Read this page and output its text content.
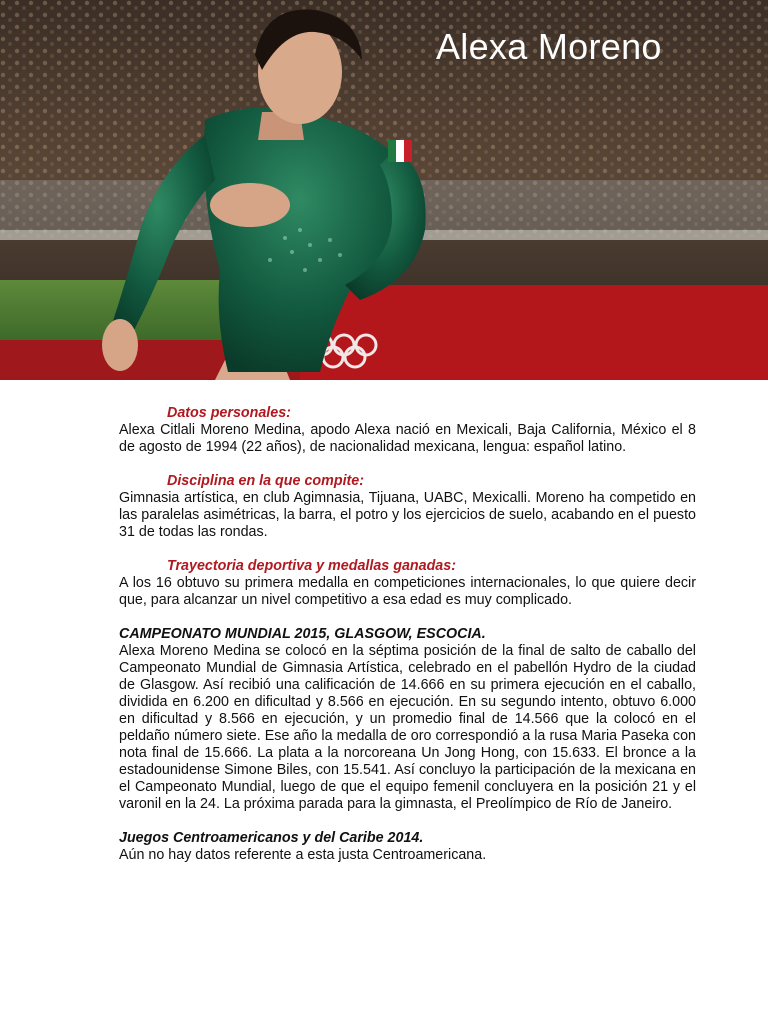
Alexa Moreno

Datos personales:

Alexa Citlali Moreno Medina, apodo Alexa nació en Mexicali, Baja California, México el 8 de agosto de 1994 (22 años), de nacionalidad mexicana, lengua: español latino.

Disciplina en la que compite:

Gimnasia artística, en club Agimnasia, Tijuana, UABC, Mexicalli. Moreno ha competido en las paralelas asimétricas, la barra, el potro y los ejercicios de suelo, acabando en el puesto 31 de todas las rondas.

Trayectoria deportiva y medallas ganadas:

A los 16 obtuvo su primera medalla en competiciones internacionales, lo que quiere decir que, para alcanzar un nivel competitivo a esa edad es muy complicado.

CAMPEONATO MUNDIAL 2015, GLASGOW, ESCOCIA.

Alexa Moreno Medina se colocó en la séptima posición de la final de salto de caballo del Campeonato Mundial de Gimnasia Artística, celebrado en el pabellón Hydro de la ciudad de Glasgow. Así recibió una calificación de 14.666 en su primera ejecución en el caballo, dividida en 6.200 en dificultad y 8.566 en ejecución. En su segundo intento, obtuvo 6.000 en dificultad y 8.566 en ejecución, y un promedio final de 14.566 que la colocó en el peldaño número siete. Ese año la medalla de oro correspondió a la rusa Maria Paseka con nota final de 15.666. La plata a la norcoreana Un Jong Hong, con 15.633. El bronce a la estadounidense Simone Biles, con 15.541. Así concluyo la participación de la mexicana en el Campeonato Mundial, luego de que el equipo femenil concluyera en la posición 21 y el varonil en la 24. La próxima parada para la gimnasta, el Preolímpico de Río de Janeiro.

Juegos Centroamericanos y del Caribe 2014.

Aún no hay datos referente a esta justa Centroamericana.
